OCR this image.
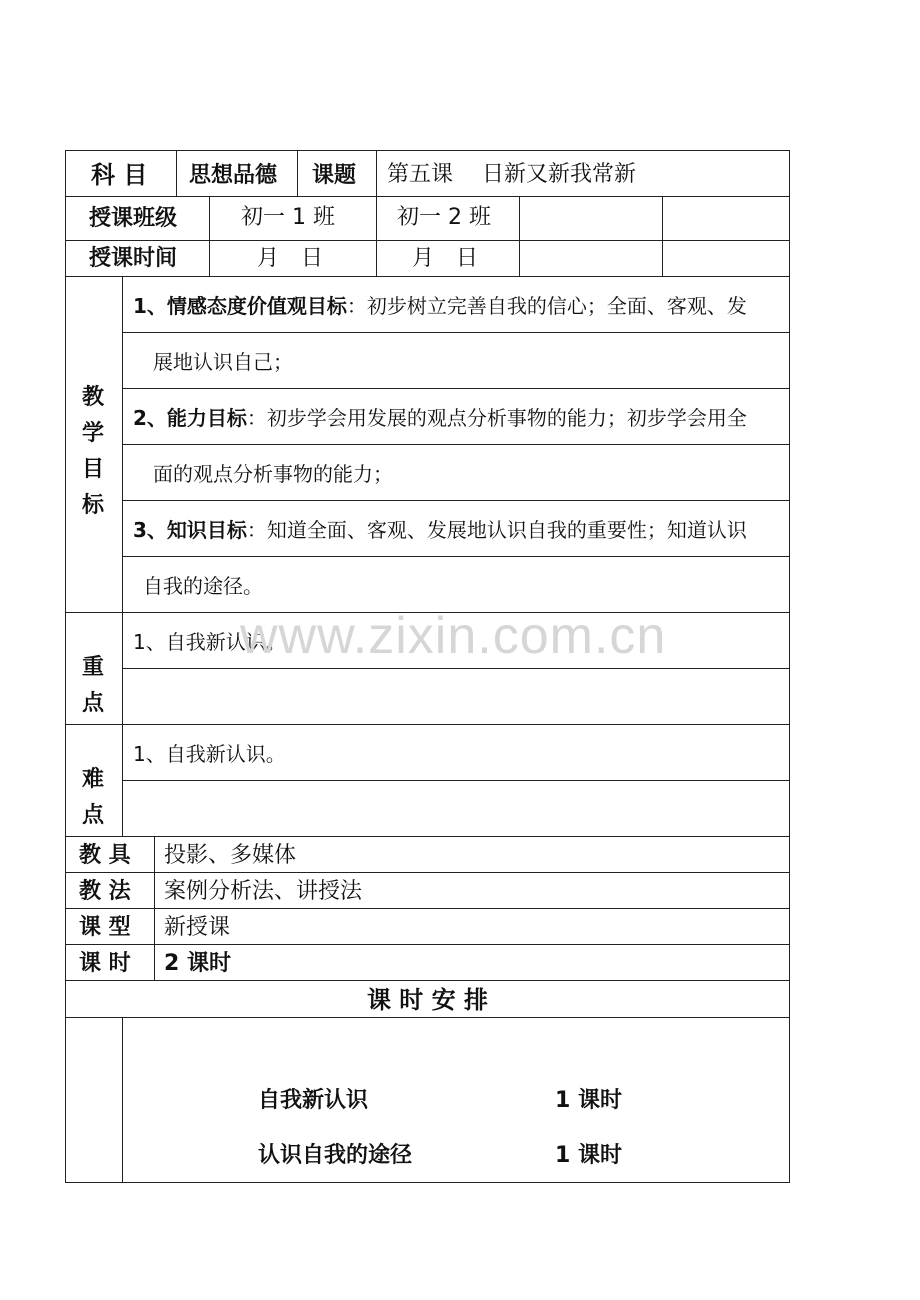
科 目 思想品德 课题 第五课　 日新又新我常新
授课班级	初一 1 班	初一 2 班
授课时间	月　日	月　日
教学目标
1、情感态度价值观目标：初步树立完善自我的信心；全面、客观、发
展地认识自己；
2、能力目标：初步学会用发展的观点分析事物的能力；初步学会用全
面的观点分析事物的能力；
3、知识目标：知道全面、客观、发展地认识自我的重要性；知道认识
自我的途径。
重点
1、自我新认识。
难点
1、自我新认识。
教 具 投影、多媒体
教 法 案例分析法、讲授法
课 型 新授课
课 时 2 课时
课 时 安 排
自我新认识	1 课时
认识自我的途径	1 课时
www.zixin.com.cn
